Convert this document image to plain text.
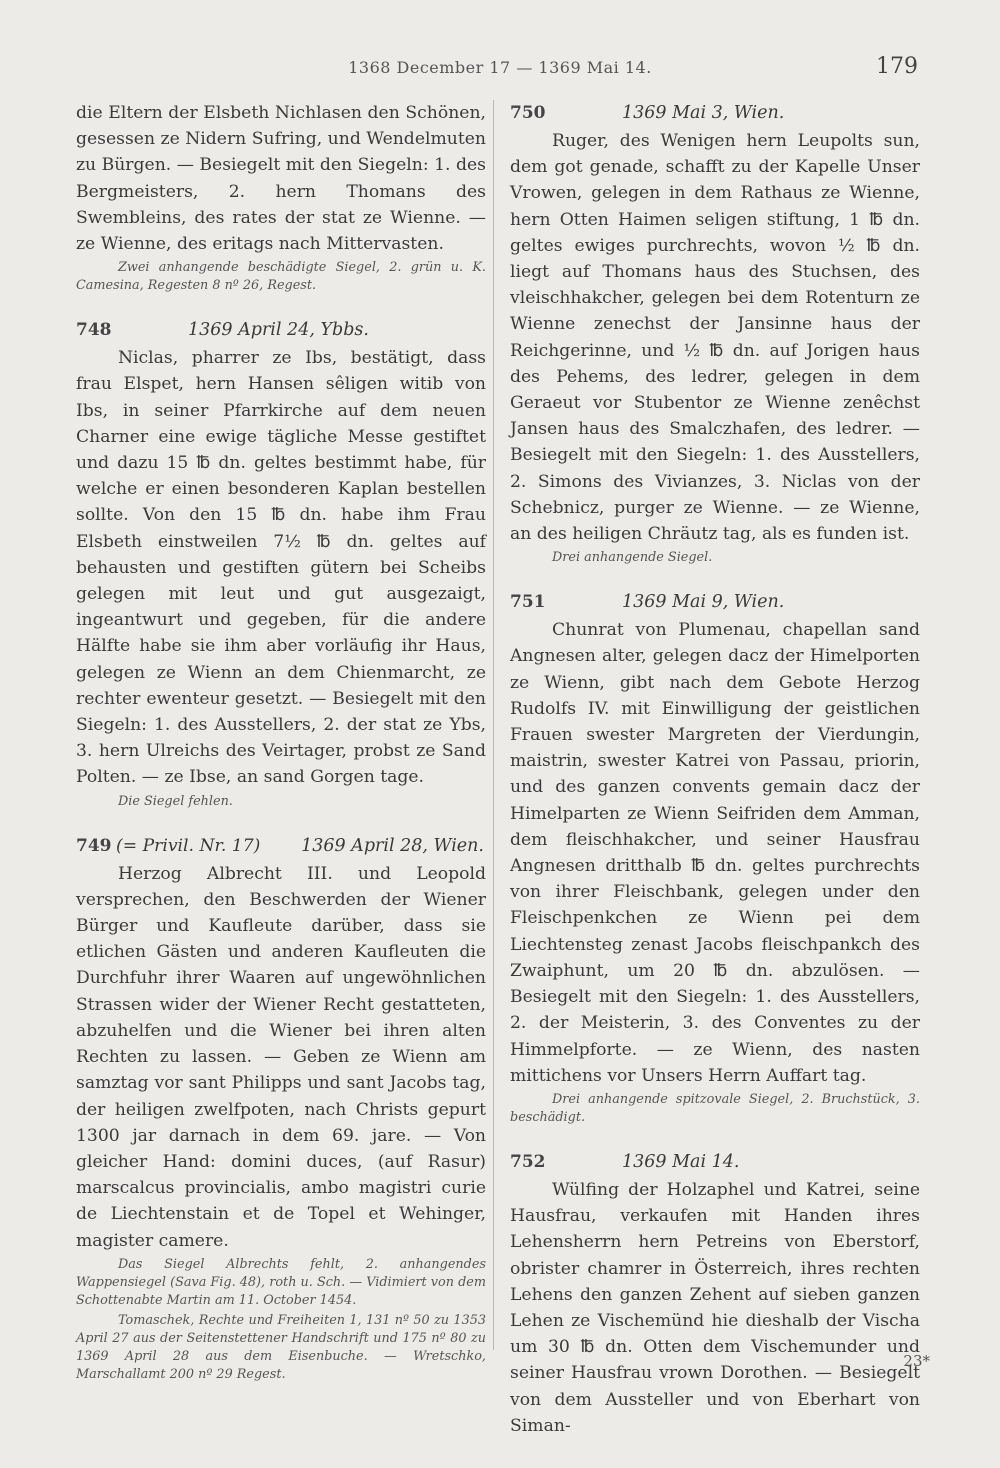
1368 December 17 — 1369 Mai 14.	179

die Eltern der Elsbeth Nichlasen den Schönen, gesessen ze Nidern Sufring, und Wendelmuten zu Bürgen. — Besiegelt mit den Siegeln: 1. des Bergmeisters, 2. hern Thomans des Swembleins, des rates der stat ze Wienne. — ze Wienne, des eritags nach Mittervasten.

Zwei anhangende beschädigte Siegel, 2. grün u. K. Camesina, Regesten 8 nº 26, Regest.

748	1369 April 24, Ybbs.

Niclas, pharrer ze Ibs, bestätigt, dass frau Elspet, hern Hansen sêligen witib von Ibs, in seiner Pfarrkirche auf dem neuen Charner eine ewige tägliche Messe gestiftet und dazu 15 ℔ dn. geltes bestimmt habe, für welche er einen besonderen Kaplan bestellen sollte. Von den 15 ℔ dn. habe ihm Frau Elsbeth einstweilen 7½ ℔ dn. geltes auf behausten und gestiften gütern bei Scheibs gelegen mit leut und gut ausgezaigt, ingeantwurt und gegeben, für die andere Hälfte habe sie ihm aber vorläufig ihr Haus, gelegen ze Wienn an dem Chienmarcht, ze rechter ewenteur gesetzt. — Besiegelt mit den Siegeln: 1. des Ausstellers, 2. der stat ze Ybs, 3. hern Ulreichs des Veirtager, probst ze Sand Polten. — ze Ibse, an sand Gorgen tage.

Die Siegel fehlen.

749 (= Privil. Nr. 17) 1369 April 28, Wien.

Herzog Albrecht III. und Leopold versprechen, den Beschwerden der Wiener Bürger und Kaufleute darüber, dass sie etlichen Gästen und anderen Kaufleuten die Durchfuhr ihrer Waaren auf ungewöhnlichen Strassen wider der Wiener Recht gestatteten, abzuhelfen und die Wiener bei ihren alten Rechten zu lassen. — Geben ze Wienn am samztag vor sant Philipps und sant Jacobs tag, der heiligen zwelfpoten, nach Christs gepurt 1300 jar darnach in dem 69. jare. — Von gleicher Hand: domini duces, (auf Rasur) marscalcus provincialis, ambo magistri curie de Liechtenstain et de Topel et Wehinger, magister camere.

Das Siegel Albrechts fehlt, 2. anhangendes Wappensiegel (Sava Fig. 48), roth u. Sch. — Vidimiert von dem Schottenabte Martin am 11. October 1454.

Tomaschek, Rechte und Freiheiten 1, 131 nº 50 zu 1353 April 27 aus der Seitenstettener Handschrift und 175 nº 80 zu 1369 April 28 aus dem Eisenbuche. — Wretschko, Marschallamt 200 nº 29 Regest.

750	1369 Mai 3, Wien.

Ruger, des Wenigen hern Leupolts sun, dem got genade, schafft zu der Kapelle Unser Vrowen, gelegen in dem Rathaus ze Wienne, hern Otten Haimen seligen stiftung, 1 ℔ dn. geltes ewiges purchrechts, wovon ½ ℔ dn. liegt auf Thomans haus des Stuchsen, des vleischhakcher, gelegen bei dem Rotenturn ze Wienne zenechst der Jansinne haus der Reichgerinne, und ½ ℔ dn. auf Jorigen haus des Pehems, des ledrer, gelegen in dem Geraeut vor Stubentor ze Wienne zenêchst Jansen haus des Smalczhafen, des ledrer. — Besiegelt mit den Siegeln: 1. des Ausstellers, 2. Simons des Vivianzes, 3. Niclas von der Schebnicz, purger ze Wienne. — ze Wienne, an des heiligen Chräutz tag, als es funden ist.

Drei anhangende Siegel.

751	1369 Mai 9, Wien.

Chunrat von Plumenau, chapellan sand Angnesen alter, gelegen dacz der Himelporten ze Wienn, gibt nach dem Gebote Herzog Rudolfs IV. mit Einwilligung der geistlichen Frauen swester Margreten der Vierdungin, maistrin, swester Katrei von Passau, priorin, und des ganzen convents gemain dacz der Himelparten ze Wienn Seifriden dem Amman, dem fleischhakcher, und seiner Hausfrau Angnesen dritthalb ℔ dn. geltes purchrechts von ihrer Fleischbank, gelegen under den Fleischpenkchen ze Wienn pei dem Liechtensteg zenast Jacobs fleischpankch des Zwaiphunt, um 20 ℔ dn. abzulösen. — Besiegelt mit den Siegeln: 1. des Ausstellers, 2. der Meisterin, 3. des Conventes zu der Himmelpforte. — ze Wienn, des nasten mittichens vor Unsers Herrn Auffart tag.

Drei anhangende spitzovale Siegel, 2. Bruchstück, 3. beschädigt.

752	1369 Mai 14.

Wülfing der Holzaphel und Katrei, seine Hausfrau, verkaufen mit Handen ihres Lehensherrn hern Petreins von Eberstorf, obrister chamrer in Österreich, ihres rechten Lehens den ganzen Zehent auf sieben ganzen Lehen ze Vischemünd hie dieshalb der Vischa um 30 ℔ dn. Otten dem Vischemunder und seiner Hausfrau vrown Dorothen. — Besiegelt von dem Aussteller und von Eberhart von Siman-

23*
